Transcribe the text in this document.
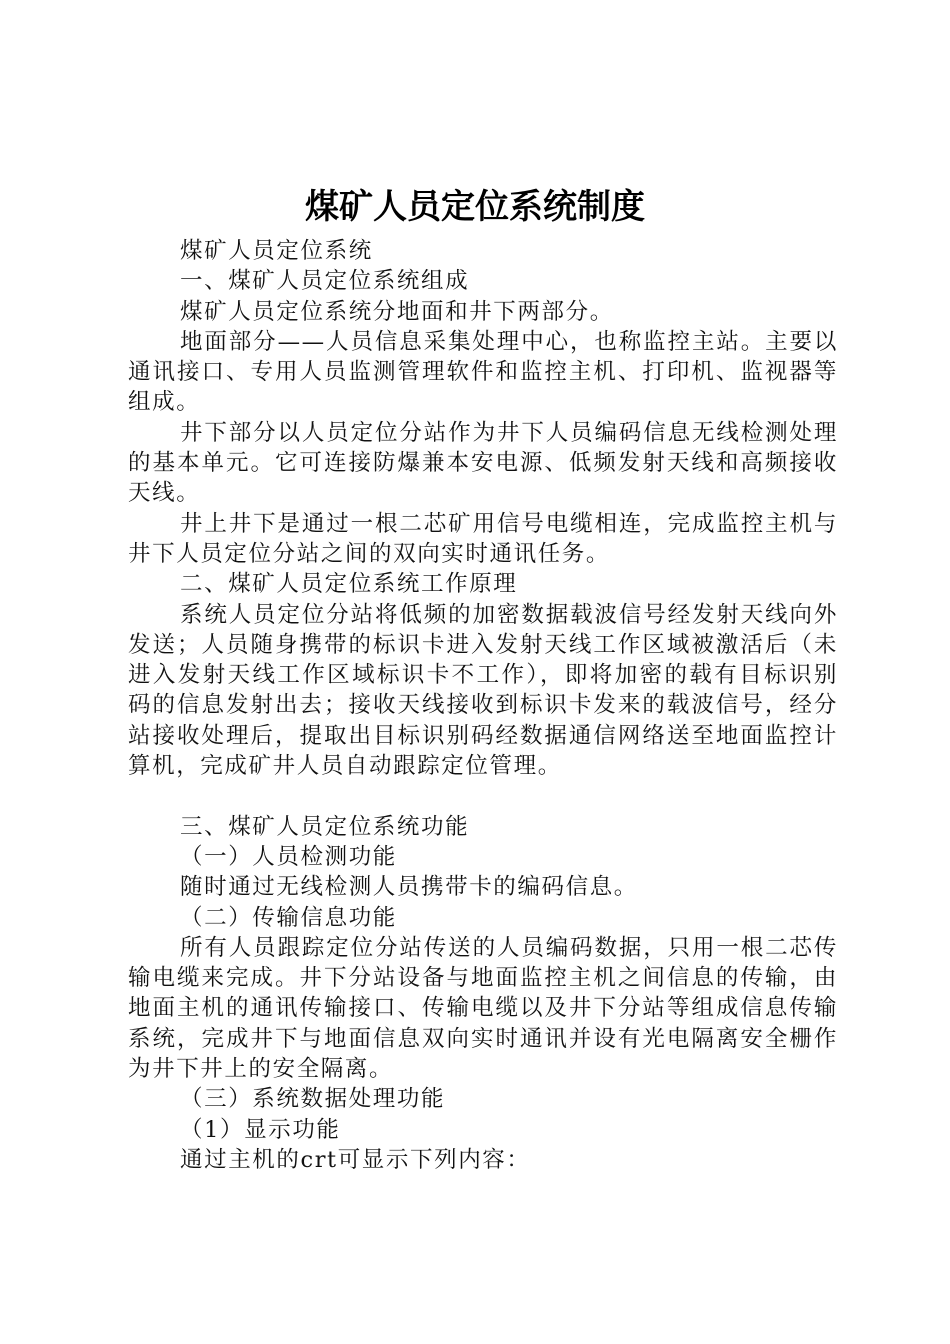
煤矿人员定位系统制度

煤矿人员定位系统

一、煤矿人员定位系统组成

煤矿人员定位系统分地面和井下两部分。

地面部分——人员信息采集处理中心，也称监控主站。主要以通讯接口、专用人员监测管理软件和监控主机、打印机、监视器等组成。

井下部分以人员定位分站作为井下人员编码信息无线检测处理的基本单元。它可连接防爆兼本安电源、低频发射天线和高频接收天线。

井上井下是通过一根二芯矿用信号电缆相连，完成监控主机与井下人员定位分站之间的双向实时通讯任务。

二、煤矿人员定位系统工作原理

系统人员定位分站将低频的加密数据载波信号经发射天线向外发送；人员随身携带的标识卡进入发射天线工作区域被激活后（未进入发射天线工作区域标识卡不工作），即将加密的载有目标识别码的信息发射出去；接收天线接收到标识卡发来的载波信号，经分站接收处理后，提取出目标识别码经数据通信网络送至地面监控计算机，完成矿井人员自动跟踪定位管理。

三、煤矿人员定位系统功能

（一）人员检测功能

随时通过无线检测人员携带卡的编码信息。

（二）传输信息功能

所有人员跟踪定位分站传送的人员编码数据，只用一根二芯传输电缆来完成。井下分站设备与地面监控主机之间信息的传输，由地面主机的通讯传输接口、传输电缆以及井下分站等组成信息传输系统，完成井下与地面信息双向实时通讯并设有光电隔离安全栅作为井下井上的安全隔离。

（三）系统数据处理功能

（1）显示功能

通过主机的crt可显示下列内容：
